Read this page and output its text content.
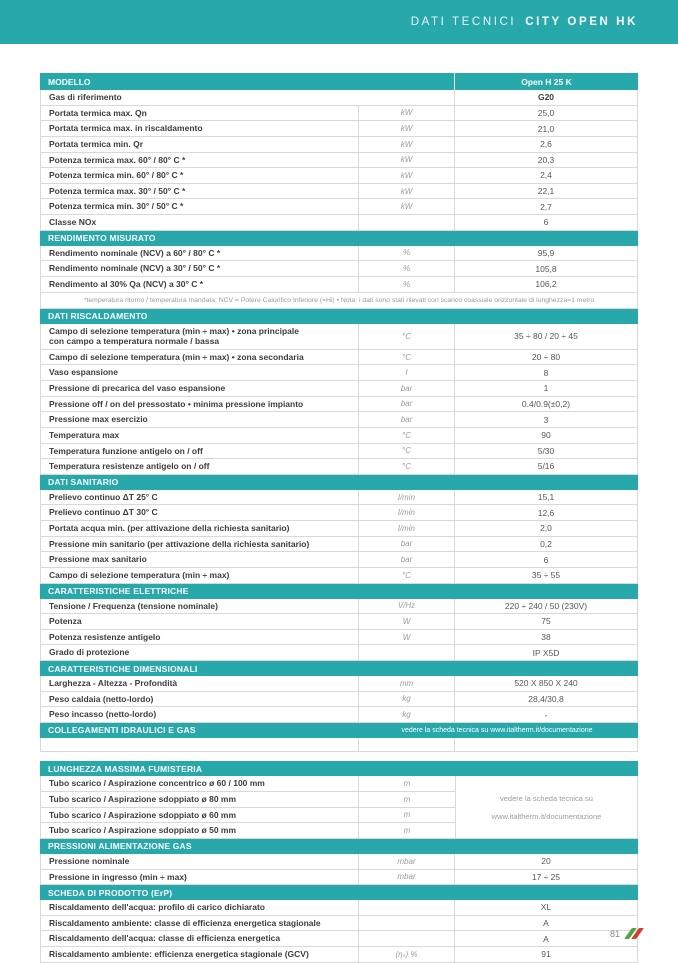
DATI TECNICI CITY OPEN HK
MODELLO	Open H 25 K
Gas di riferimento	G20
Portata termica max. Qn	kW	25,0
Portata termica max. in riscaldamento	kW	21,0
Portata termica min. Qr	kW	2,6
Potenza termica max. 60° / 80° C *	kW	20,3
Potenza termica min. 60° / 80° C *	kW	2,4
Potenza termica max. 30° / 50° C *	kW	22,1
Potenza termica min. 30° / 50° C *	kW	2,7
Classe NOx	6
RENDIMENTO MISURATO
Rendimento nominale (NCV) a 60° / 80° C *	%	95,9
Rendimento nominale (NCV) a 30° / 50° C *	%	105,8
Rendimento al 30% Qa (NCV) a 30° C *	%	106,2
*temperatura ritorno / temperatura mandata; NCV = Potere Calorifico Inferiore (=Hi) • Nota: i dati sono stati rilevati con scarico coassiale orizzontale di lunghezza=1 metro
DATI RISCALDAMENTO
Campo di selezione temperatura (min ÷ max) • zona principale
con campo a temperatura normale / bassa	°C	35 ÷ 80 / 20 ÷ 45
Campo di selezione temperatura (min ÷ max) • zona secondaria	°C	20 ÷ 80
Vaso espansione	l	8
Pressione di precarica del vaso espansione	bar	1
Pressione off / on del pressostato • minima pressione impianto	bar	0.4/0.9(±0,2)
Pressione max esercizio	bar	3
Temperatura max	°C	90
Temperatura funzione antigelo on / off	°C	5/30
Temperatura resistenze antigelo on / off	°C	5/16
DATI SANITARIO
Prelievo continuo ΔT 25° C	l/min	15,1
Prelievo continuo ΔT 30° C	l/min	12,6
Portata acqua min. (per attivazione della richiesta sanitario)	l/min	2,0
Pressione min sanitario (per attivazione della richiesta sanitario)	bar	0,2
Pressione max sanitario	bar	6
Campo di selezione temperatura (min ÷ max)	°C	35 ÷ 55
CARATTERISTICHE ELETTRICHE
Tensione / Frequenza (tensione nominale)	V/Hz	220 ÷ 240 / 50 (230V)
Potenza	W	75
Potenza resistenze antigelo	W	38
Grado di protezione	IP X5D
CARATTERISTICHE DIMENSIONALI
Larghezza - Altezza - Profondità	mm	520 X 850 X 240
Peso caldaia (netto-lordo)	kg	28,4/30,8
Peso incasso (netto-lordo)	kg	-
COLLEGAMENTI IDRAULICI E GAS	vedere la scheda tecnica su www.italtherm.it/documentazione
LUNGHEZZA MASSIMA FUMISTERIA
Tubo scarico / Aspirazione concentrico ø 60 / 100 mm	m
Tubo scarico / Aspirazione sdoppiato ø 80 mm	m
Tubo scarico / Aspirazione sdoppiato ø 60 mm	m
Tubo scarico / Aspirazione sdoppiato ø 50 mm	m
vedere la scheda tecnica su
www.italtherm.it/documentazione
PRESSIONI ALIMENTAZIONE GAS
Pressione nominale	mbar	20
Pressione in ingresso (min ÷ max)	mbar	17 ÷ 25
SCHEDA DI PRODOTTO (ErP)
Riscaldamento dell'acqua: profilo di carico dichiarato	XL
Riscaldamento ambiente: classe di efficienza energetica stagionale	A
Riscaldamento dell'acqua: classe di efficienza energetica	A
Riscaldamento ambiente: efficienza energetica stagionale (GCV)	(ηₛ) %	91
81
